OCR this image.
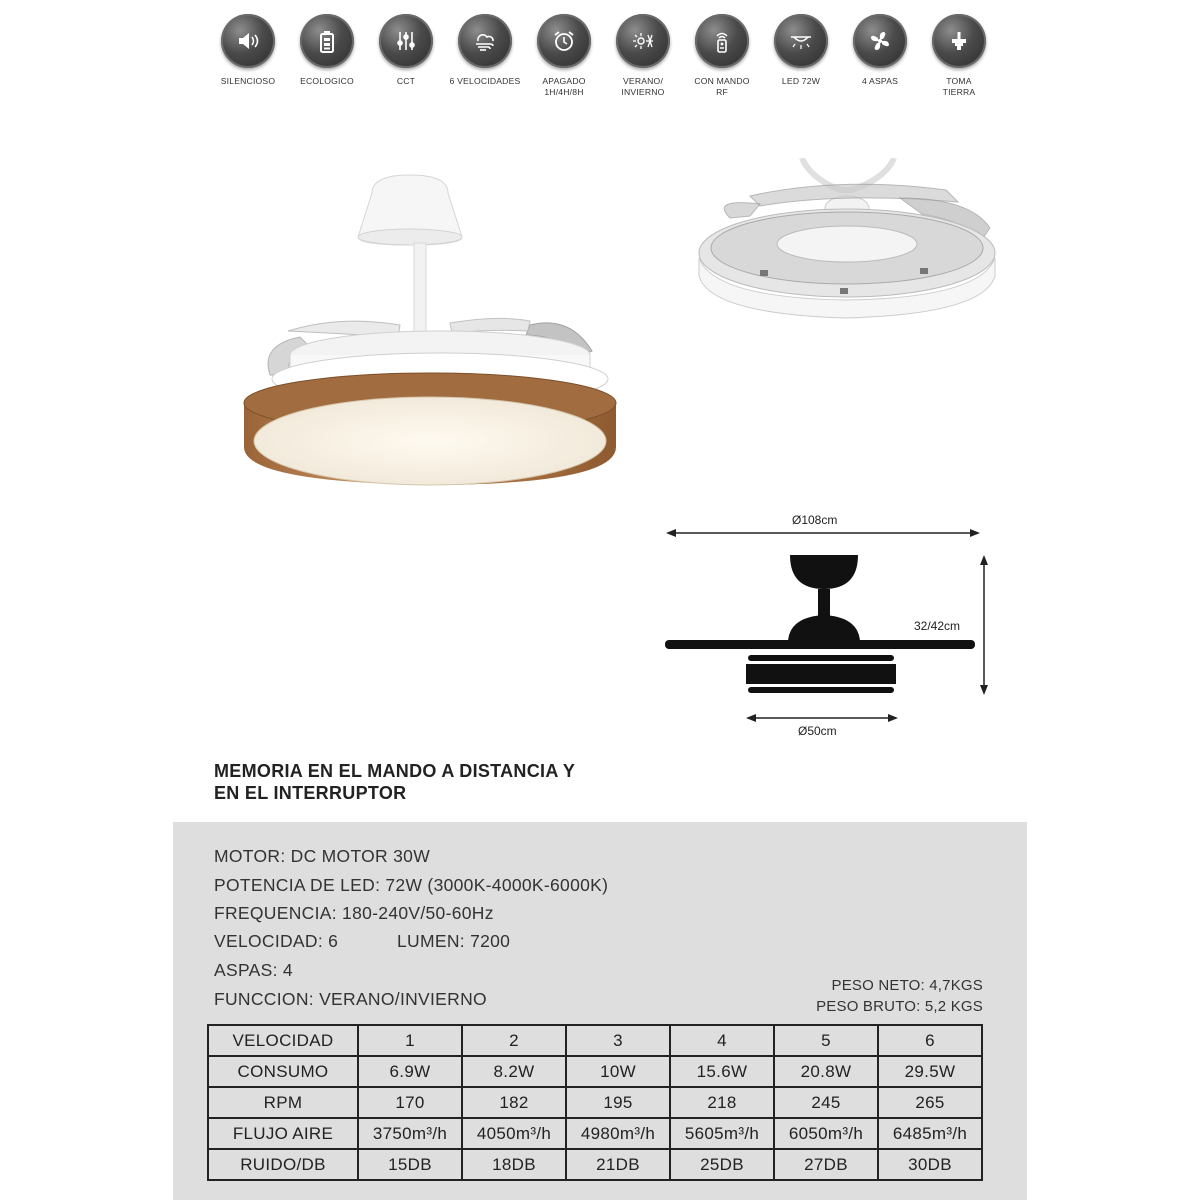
SILENCIOSO	ECOLOGICO	CCT	6 VELOCIDADES	APAGADO
1H/4H/8H
VERANO/
INVIERNO
CON MANDO
RF
LED 72W	4 ASPAS	TOMA
TIERRA
Ø108cm
32/42cm
Ø50cm
MEMORIA EN EL MANDO A DISTANCIA Y
EN EL INTERRUPTOR
MOTOR: DC MOTOR 30W
POTENCIA DE LED: 72W (3000K-4000K-6000K)
FREQUENCIA: 180-240V/50-60Hz
VELOCIDAD: 6	LUMEN: 7200
ASPAS: 4
FUNCCION: VERANO/INVIERNO
PESO NETO: 4,7KGS
PESO BRUTO: 5,2 KGS
VELOCIDAD	1	2	3	4	5	6
CONSUMO	6.9W	8.2W	10W	15.6W	20.8W	29.5W
RPM	170	182	195	218	245	265
FLUJO AIRE	3750m³/h	4050m³/h	4980m³/h	5605m³/h	6050m³/h	6485m³/h
RUIDO/DB	15DB	18DB	21DB	25DB	27DB	30DB
